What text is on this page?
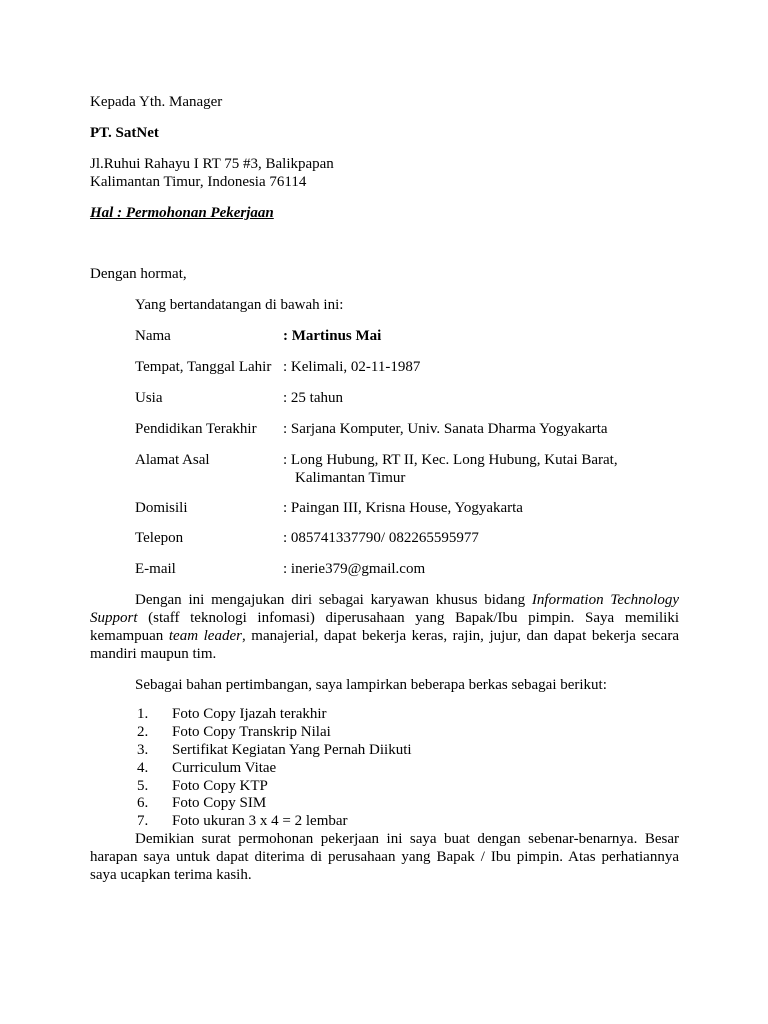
Kepada Yth. Manager
PT. SatNet
Jl.Ruhui Rahayu I RT 75 #3, Balikpapan
Kalimantan Timur, Indonesia 76114
Hal : Permohonan Pekerjaan
Dengan hormat,
Yang bertandatangan di bawah ini:
Nama	: Martinus Mai
Tempat, Tanggal Lahir : Kelimali, 02-11-1987
Usia	: 25 tahun
Pendidikan Terakhir : Sarjana Komputer, Univ. Sanata Dharma Yogyakarta
Alamat Asal	: Long Hubung, RT II, Kec. Long Hubung, Kutai Barat,
Kalimantan Timur
Domisili	: Paingan III, Krisna House, Yogyakarta
Telepon	: 085741337790/ 082265595977
E-mail	: inerie379@gmail.com
Dengan ini mengajukan diri sebagai karyawan khusus bidang Information Technology Support (staff teknologi infomasi) diperusahaan yang Bapak/Ibu pimpin. Saya memiliki kemampuan team leader, manajerial, dapat bekerja keras, rajin, jujur, dan dapat bekerja secara mandiri maupun tim.
Sebagai bahan pertimbangan, saya lampirkan beberapa berkas sebagai berikut:
1. Foto Copy Ijazah terakhir
2. Foto Copy Transkrip Nilai
3. Sertifikat Kegiatan Yang Pernah Diikuti
4. Curriculum Vitae
5. Foto Copy KTP
6. Foto Copy SIM
7. Foto ukuran 3 x 4 = 2 lembar
Demikian surat permohonan pekerjaan ini saya buat dengan sebenar-benarnya. Besar harapan saya untuk dapat diterima di perusahaan yang Bapak / Ibu pimpin. Atas perhatiannya saya ucapkan terima kasih.
